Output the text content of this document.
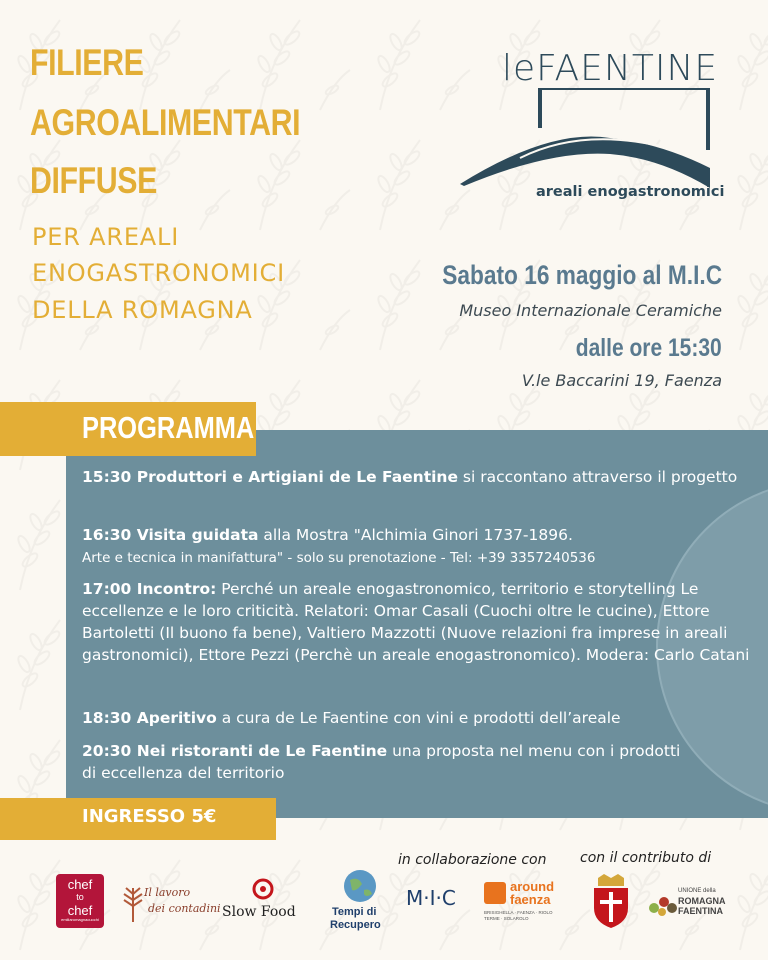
FILIERE
AGROALIMENTARI
DIFFUSE
PER AREALI
ENOGASTRONOMICI
DELLA ROMAGNA
leFAENTINE
areali enogastronomici
Sabato 16 maggio al M.I.C
Museo Internazionale Ceramiche
dalle ore 15:30
V.le Baccarini 19, Faenza
15:30 Produttori e Artigiani de Le Faentine si raccontano attraverso il progetto
16:30 Visita guidata alla Mostra "Alchimia Ginori 1737-1896.
Arte e tecnica in manifattura" - solo su prenotazione - Tel: +39 3357240536
17:00 Incontro: Perché un areale enogastronomico, territorio e storytelling Le eccellenze e le loro criticità. Relatori: Omar Casali (Cuochi oltre le cucine), Ettore Bartoletti (Il buono fa bene), Valtiero Mazzotti (Nuove relazioni fra imprese in areali gastronomici), Ettore Pezzi (Perchè un areale enogastronomico). Modera: Carlo Catani
18:30 Aperitivo a cura de Le Faentine con vini e prodotti dell’areale
20:30 Nei ristoranti de Le Faentine una proposta nel menu con i prodotti di eccellenza del territorio
PROGRAMMA
INGRESSO 5€
in collaborazione con con il contributo di
chef
to
chef
emiliaromagnacuochi
Il lavoro
dei contadini Slow Food	Tempi di
Recupero
M·I·C	around
faenza
BRISIGHELLA · FAENZA · RIOLO TERME · SOLAROLO
UNIONE della
ROMAGNA
FAENTINA
